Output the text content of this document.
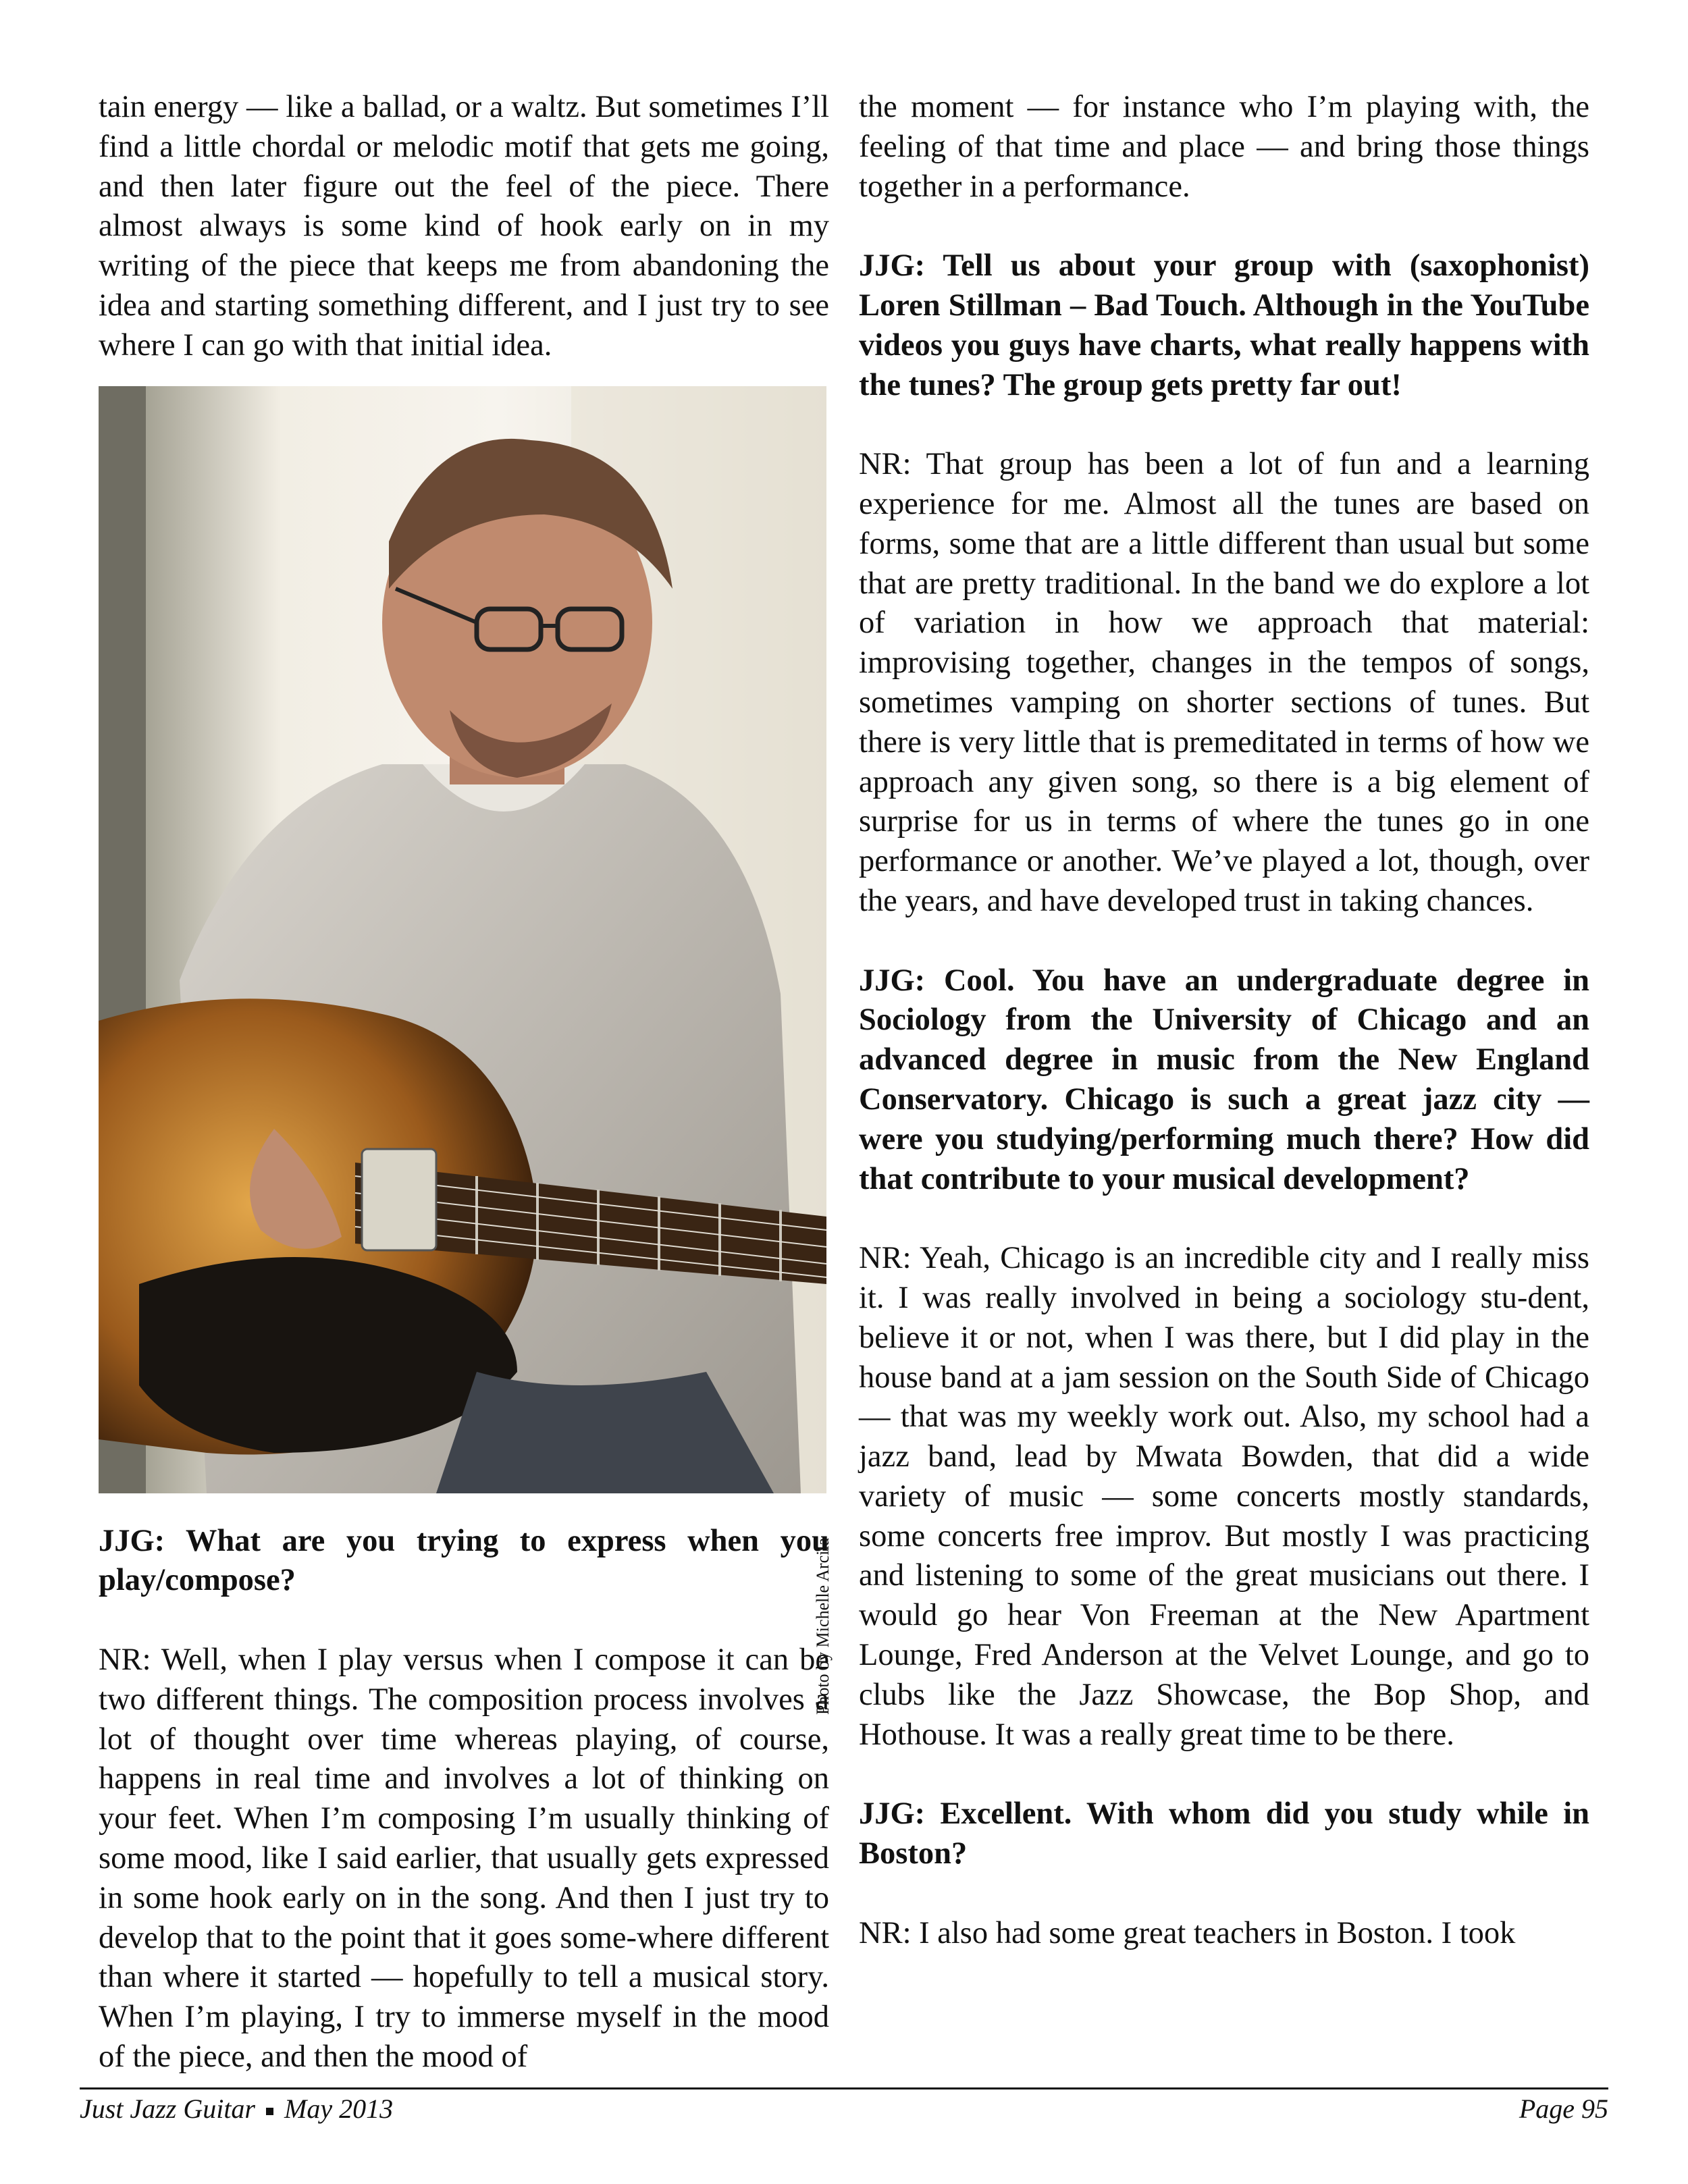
tain energy — like a ballad, or a waltz. But sometimes I’ll find a little chordal or melodic motif that gets me going, and then later figure out the feel of the piece. There almost always is some kind of hook early on in my writing of the piece that keeps me from abandoning the idea and starting something different, and I just try to see where I can go with that initial idea.

JJG: What are you trying to express when you play/compose?

NR: Well, when I play versus when I compose it can be two different things. The composition process involves a lot of thought over time whereas playing, of course, happens in real time and involves a lot of thinking on your feet. When I’m composing I’m usually thinking of some mood, like I said earlier, that usually gets expressed in some hook early on in the song. And then I just try to develop that to the point that it goes some-where different than where it started — hopefully to tell a musical story. When I’m playing, I try to immerse myself in the mood of the piece, and then the mood of

Photo by Michelle Arcila

the moment — for instance who I’m playing with, the feeling of that time and place — and bring those things together in a performance.

JJG: Tell us about your group with (saxophonist) Loren Stillman – Bad Touch. Although in the YouTube videos you guys have charts, what really happens with the tunes? The group gets pretty far out!

NR: That group has been a lot of fun and a learning experience for me. Almost all the tunes are based on forms, some that are a little different than usual but some that are pretty traditional. In the band we do explore a lot of variation in how we approach that material: improvising together, changes in the tempos of songs, sometimes vamping on shorter sections of tunes. But there is very little that is premeditated in terms of how we approach any given song, so there is a big element of surprise for us in terms of where the tunes go in one performance or another. We’ve played a lot, though, over the years, and have developed trust in taking chances.

JJG: Cool. You have an undergraduate degree in Sociology from the University of Chicago and an advanced degree in music from the New England Conservatory. Chicago is such a great jazz city — were you studying/performing much there? How did that contribute to your musical development?

NR: Yeah, Chicago is an incredible city and I really miss it. I was really involved in being a sociology stu-dent, believe it or not, when I was there, but I did play in the house band at a jam session on the South Side of Chicago — that was my weekly work out. Also, my school had a jazz band, lead by Mwata Bowden, that did a wide variety of music — some concerts mostly standards, some concerts free improv. But mostly I was practicing and listening to some of the great musicians out there. I would go hear Von Freeman at the New Apartment Lounge, Fred Anderson at the Velvet Lounge, and go to clubs like the Jazz Showcase, the Bop Shop, and Hothouse. It was a really great time to be there.

JJG: Excellent. With whom did you study while in Boston?

NR: I also had some great teachers in Boston. I took

Just Jazz Guitar May 2013	Page 95
